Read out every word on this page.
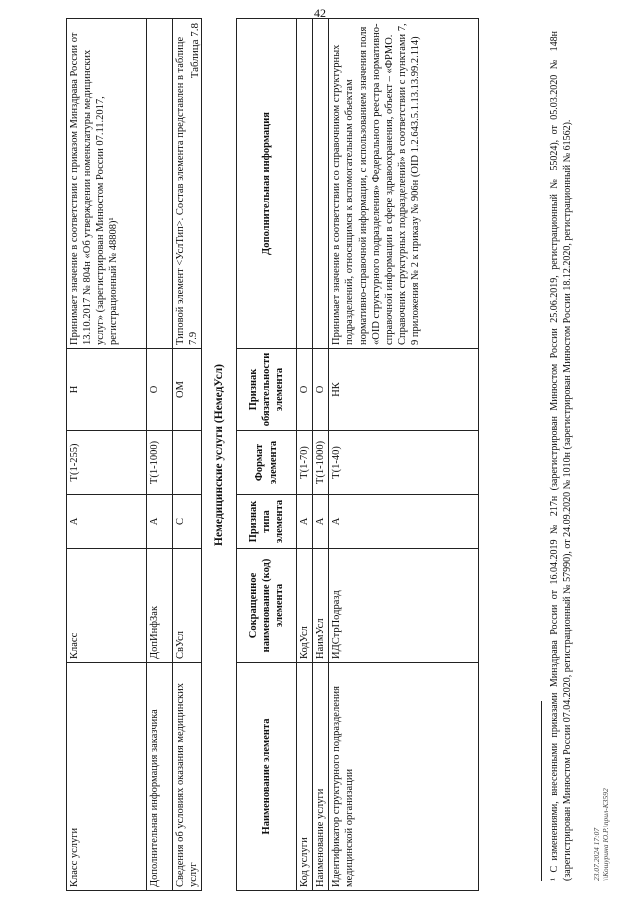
42
Класс услуги	Класс	А	T(1-255)	Н	Принимает значение в соответствии с приказом Минздрава России от 13.10.2017 № 804н «Об утверждении номенклатуры медицинских услуг» (зарегистрирован Минюстом России 07.11.2017, регистрационный № 48808)¹
Дополнительная информация заказчика	ДопИнфЗак	А	T(1-1000)	О	
Сведения об условиях оказания медицинских услуг	СвУсл	С		ОМ	Типовой элемент <УслТип>. Состав элемента представлен в таблице 7.9
Таблица 7.8
Немедицинские услуги (НемедУсл)
Наименование элемента	Сокращенное наименование (код) элемента	Признак типа элемента	Формат элемента	Признак обязательности элемента	Дополнительная информация
Код услуги	КодУсл	А	T(1-70)	О	
Наименование услуги	НаимУсл	А	T(1-1000)	О	
Идентификатор структурного подразделения медицинской организации	ИДСтрПодразд	А	T(1-40)	НК	Принимает значение в соответствии со справочником структурных подразделений, относящимся к вспомогательным объектам нормативно-справочной информации, с использованием значения поля «OID структурного подразделения» Федерального реестра нормативно-справочной информации в сфере здравоохранения, объект – «ФРМО. Справочник структурных подразделений» в соответствии с пунктами 7, 9 приложения № 2 к приказу № 906н (OID 1.2.643.5.1.13.13.99.2.114)	¹ С изменениями, внесенными приказами Минздрава России от 16.04.2019 № 217н (зарегистрирован Минюстом России 25.06.2019, регистрационный № 55024), от 05.03.2020 № 148н (зарегистрирован Минюстом России 07.04.2020, регистрационный № 57990), от 24.09.2020 № 1010н (зарегистрирован Минюстом России 18.12.2020, регистрационный № 61562).	23.07.2024 17:07 \\Кошурина Ю.Р.\прил-К3592
